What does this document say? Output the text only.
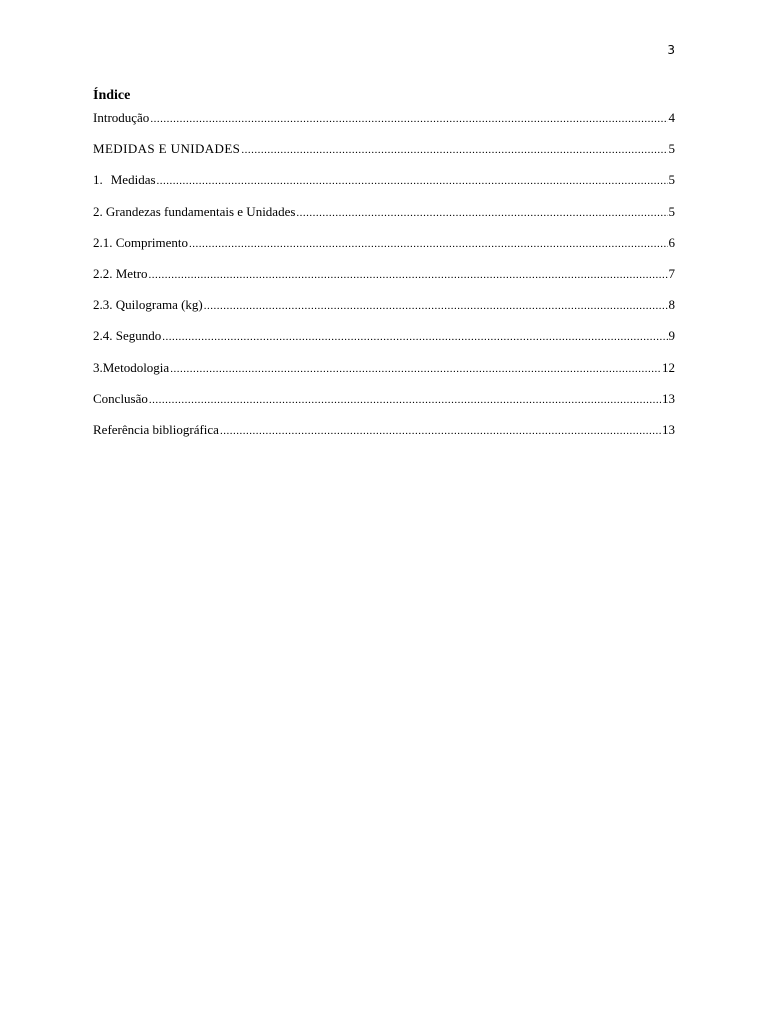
3
Índice
Introdução .....	4
MEDIDAS E UNIDADES .....	5
1. Medidas .....	5
2. Grandezas fundamentais e Unidades .....	5
2.1. Comprimento .....	6
2.2. Metro .....	7
2.3. Quilograma (kg) .....	8
2.4. Segundo .....	9
3.Metodologia .....	12
Conclusão .....	13
Referência bibliográfica .....	13
